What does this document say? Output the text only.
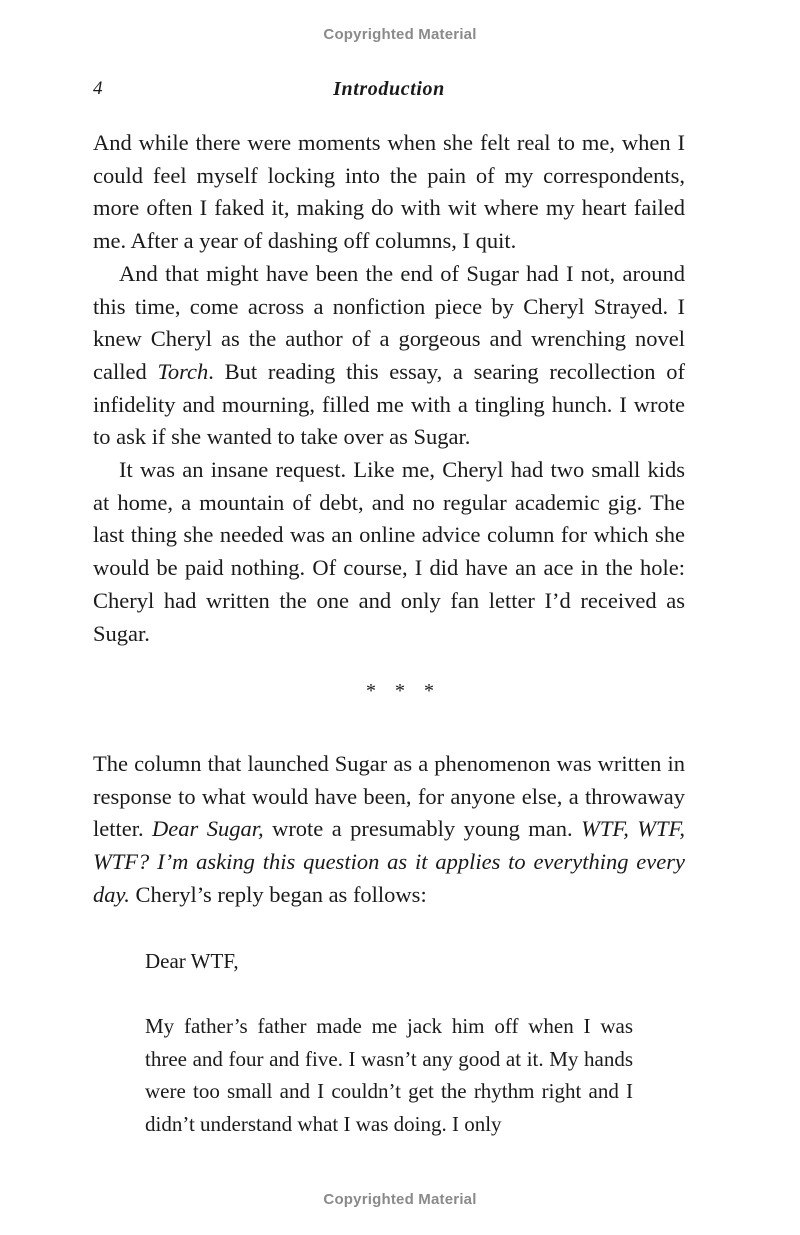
Copyrighted Material
4	Introduction

And while there were moments when she felt real to me, when I could feel myself locking into the pain of my correspondents, more often I faked it, making do with wit where my heart failed me. After a year of dashing off columns, I quit.

And that might have been the end of Sugar had I not, around this time, come across a nonfiction piece by Cheryl Strayed. I knew Cheryl as the author of a gorgeous and wrenching novel called Torch. But reading this essay, a searing recollection of infidelity and mourning, filled me with a tingling hunch. I wrote to ask if she wanted to take over as Sugar.

It was an insane request. Like me, Cheryl had two small kids at home, a mountain of debt, and no regular academic gig. The last thing she needed was an online advice column for which she would be paid nothing. Of course, I did have an ace in the hole: Cheryl had written the one and only fan letter I’d received as Sugar.

* * *

The column that launched Sugar as a phenomenon was written in response to what would have been, for anyone else, a throwaway letter. Dear Sugar, wrote a presumably young man. WTF, WTF, WTF? I’m asking this question as it applies to everything every day. Cheryl’s reply began as follows:

Dear WTF,

My father’s father made me jack him off when I was three and four and five. I wasn’t any good at it. My hands were too small and I couldn’t get the rhythm right and I didn’t understand what I was doing. I only

Copyrighted Material
